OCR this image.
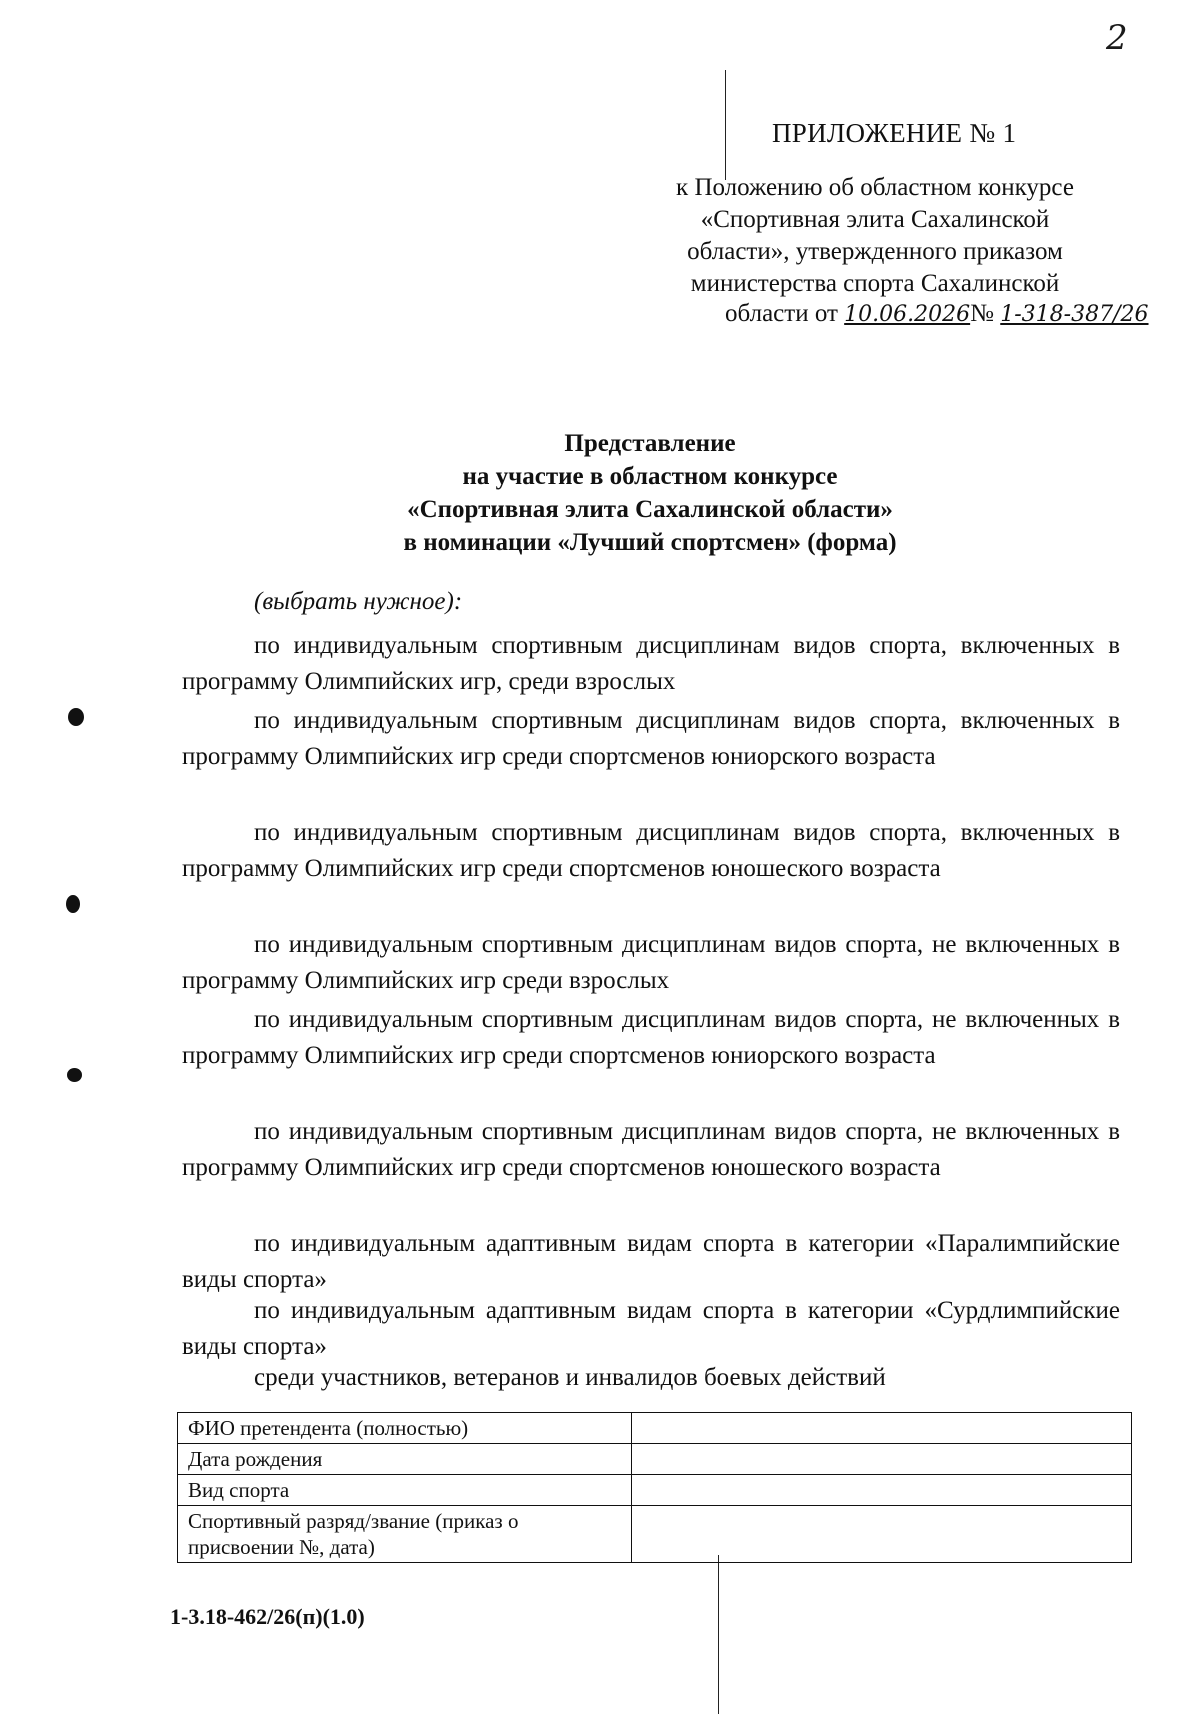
2
ПРИЛОЖЕНИЕ № 1
к Положению об областном конкурсе
«Спортивная элита Сахалинской
области», утвержденного приказом
министерства спорта Сахалинской
области от 10.06.2026№ 1-318-387/26
Представление
на участие в областном конкурсе
«Спортивная элита Сахалинской области»
в номинации «Лучший спортсмен» (форма)
(выбрать нужное):
по индивидуальным спортивным дисциплинам видов спорта, включенных в программу Олимпийских игр, среди взрослых
по индивидуальным спортивным дисциплинам видов спорта, включенных в программу Олимпийских игр среди спортсменов юниорского возраста
по индивидуальным спортивным дисциплинам видов спорта, включенных в программу Олимпийских игр среди спортсменов юношеского возраста
по индивидуальным спортивным дисциплинам видов спорта, не включенных в программу Олимпийских игр среди взрослых
по индивидуальным спортивным дисциплинам видов спорта, не включенных в программу Олимпийских игр среди спортсменов юниорского возраста
по индивидуальным спортивным дисциплинам видов спорта, не включенных в программу Олимпийских игр среди спортсменов юношеского возраста
по индивидуальным адаптивным видам спорта в категории «Паралимпийские виды спорта»
по индивидуальным адаптивным видам спорта в категории «Сурдлимпийские виды спорта»
среди участников, ветеранов и инвалидов боевых действий
ФИО претендента (полностью)	
Дата рождения	
Вид спорта	
Спортивный разряд/звание (приказ о присвоении №, дата)	
1-3.18-462/26(п)(1.0)
